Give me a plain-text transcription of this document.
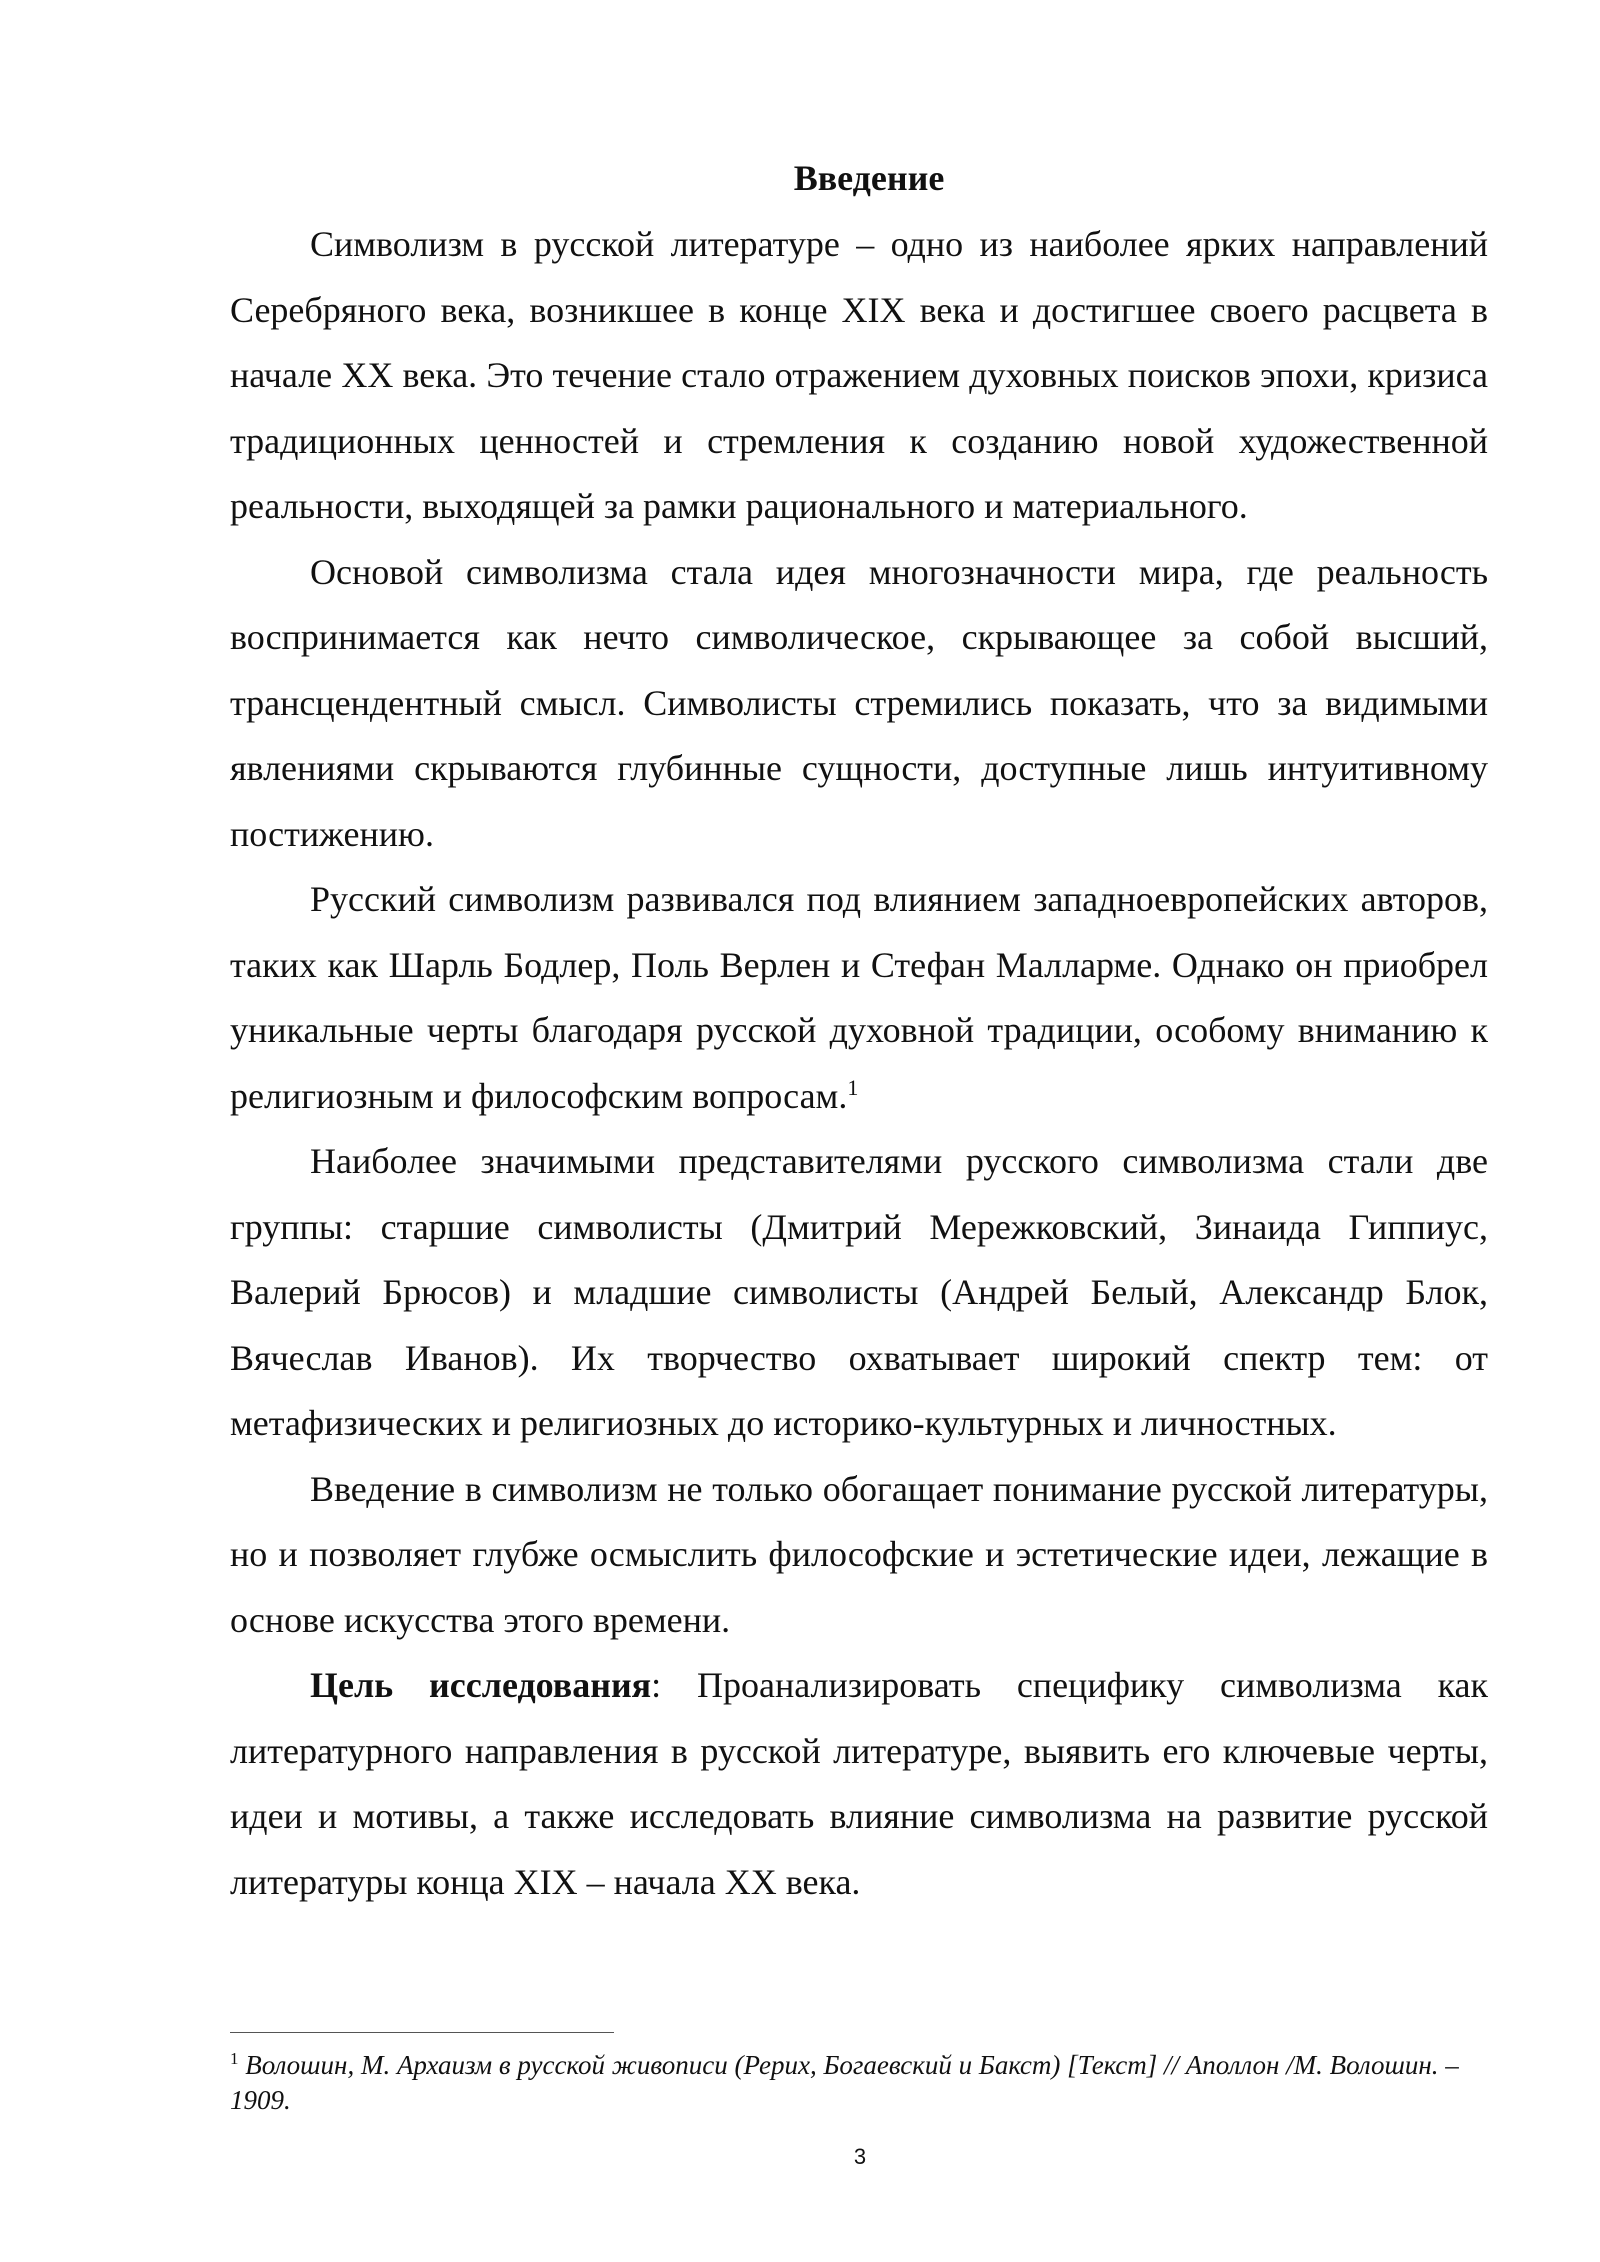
Введение

Символизм в русской литературе – одно из наиболее ярких направлений Серебряного века, возникшее в конце XIX века и достигшее своего расцвета в начале XX века. Это течение стало отражением духовных поисков эпохи, кризиса традиционных ценностей и стремления к созданию новой художественной реальности, выходящей за рамки рационального и материального.

Основой символизма стала идея многозначности мира, где реальность воспринимается как нечто символическое, скрывающее за собой высший, трансцендентный смысл. Символисты стремились показать, что за видимыми явлениями скрываются глубинные сущности, доступные лишь интуитивному постижению.

Русский символизм развивался под влиянием западноевропейских авторов, таких как Шарль Бодлер, Поль Верлен и Стефан Малларме. Однако он приобрел уникальные черты благодаря русской духовной традиции, особому вниманию к религиозным и философским вопросам.$^1$

Наиболее значимыми представителями русского символизма стали две группы: старшие символисты (Дмитрий Мережковский, Зинаида Гиппиус, Валерий Брюсов) и младшие символисты (Андрей Белый, Александр Блок, Вячеслав Иванов). Их творчество охватывает широкий спектр тем: от метафизических и религиозных до историко-культурных и личностных.

Введение в символизм не только обогащает понимание русской литературы, но и позволяет глубже осмыслить философские и эстетические идеи, лежащие в основе искусства этого времени.

Цель исследования: Проанализировать специфику символизма как литературного направления в русской литературе, выявить его ключевые черты, идеи и мотивы, а также исследовать влияние символизма на развитие русской литературы конца XIX – начала XX века.

$^1$ Волошин, М. Архаизм в русской живописи (Рерих, Богаевский и Бакст) [Текст] // Аполлон /М. Волошин. –1909.

3
